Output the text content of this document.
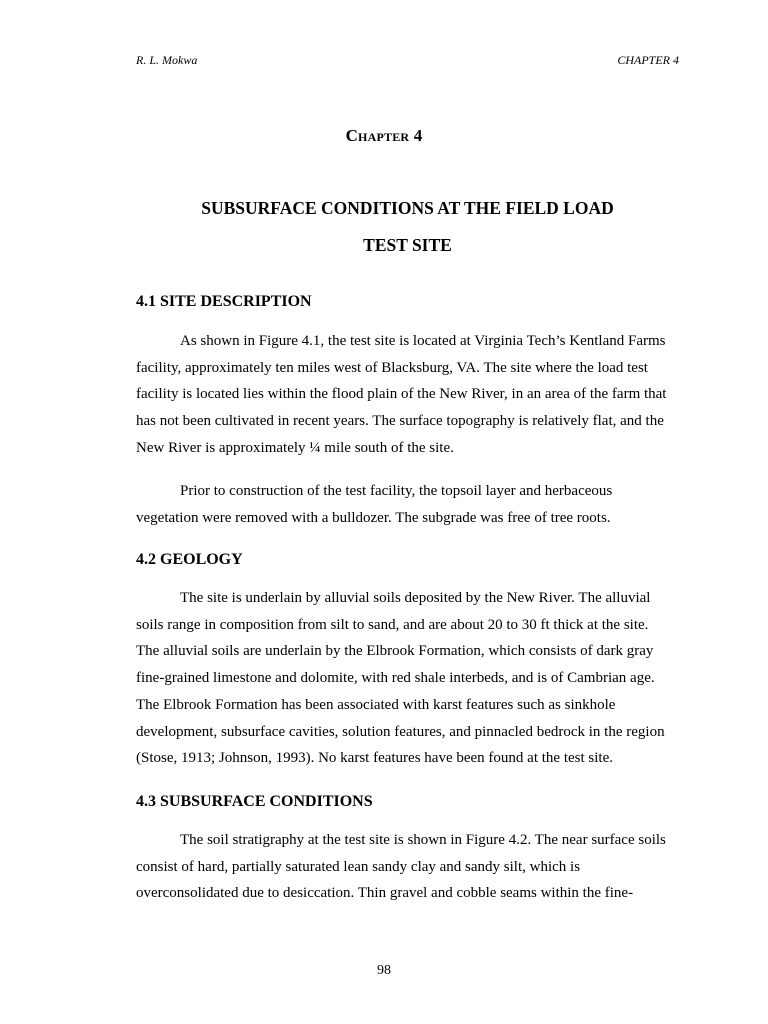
R. L. Mokwa	CHAPTER 4
Chapter 4
SUBSURFACE CONDITIONS AT THE FIELD LOAD
TEST SITE
4.1 SITE DESCRIPTION
As shown in Figure 4.1, the test site is located at Virginia Tech’s Kentland Farms
facility, approximately ten miles west of Blacksburg, VA. The site where the load test
facility is located lies within the flood plain of the New River, in an area of the farm that
has not been cultivated in recent years. The surface topography is relatively flat, and the
New River is approximately ¼ mile south of the site.
Prior to construction of the test facility, the topsoil layer and herbaceous
vegetation were removed with a bulldozer. The subgrade was free of tree roots.
4.2 GEOLOGY
The site is underlain by alluvial soils deposited by the New River. The alluvial
soils range in composition from silt to sand, and are about 20 to 30 ft thick at the site.
The alluvial soils are underlain by the Elbrook Formation, which consists of dark gray
fine-grained limestone and dolomite, with red shale interbeds, and is of Cambrian age.
The Elbrook Formation has been associated with karst features such as sinkhole
development, subsurface cavities, solution features, and pinnacled bedrock in the region
(Stose, 1913; Johnson, 1993). No karst features have been found at the test site.
4.3 SUBSURFACE CONDITIONS
The soil stratigraphy at the test site is shown in Figure 4.2. The near surface soils
consist of hard, partially saturated lean sandy clay and sandy silt, which is
overconsolidated due to desiccation. Thin gravel and cobble seams within the fine-
98
